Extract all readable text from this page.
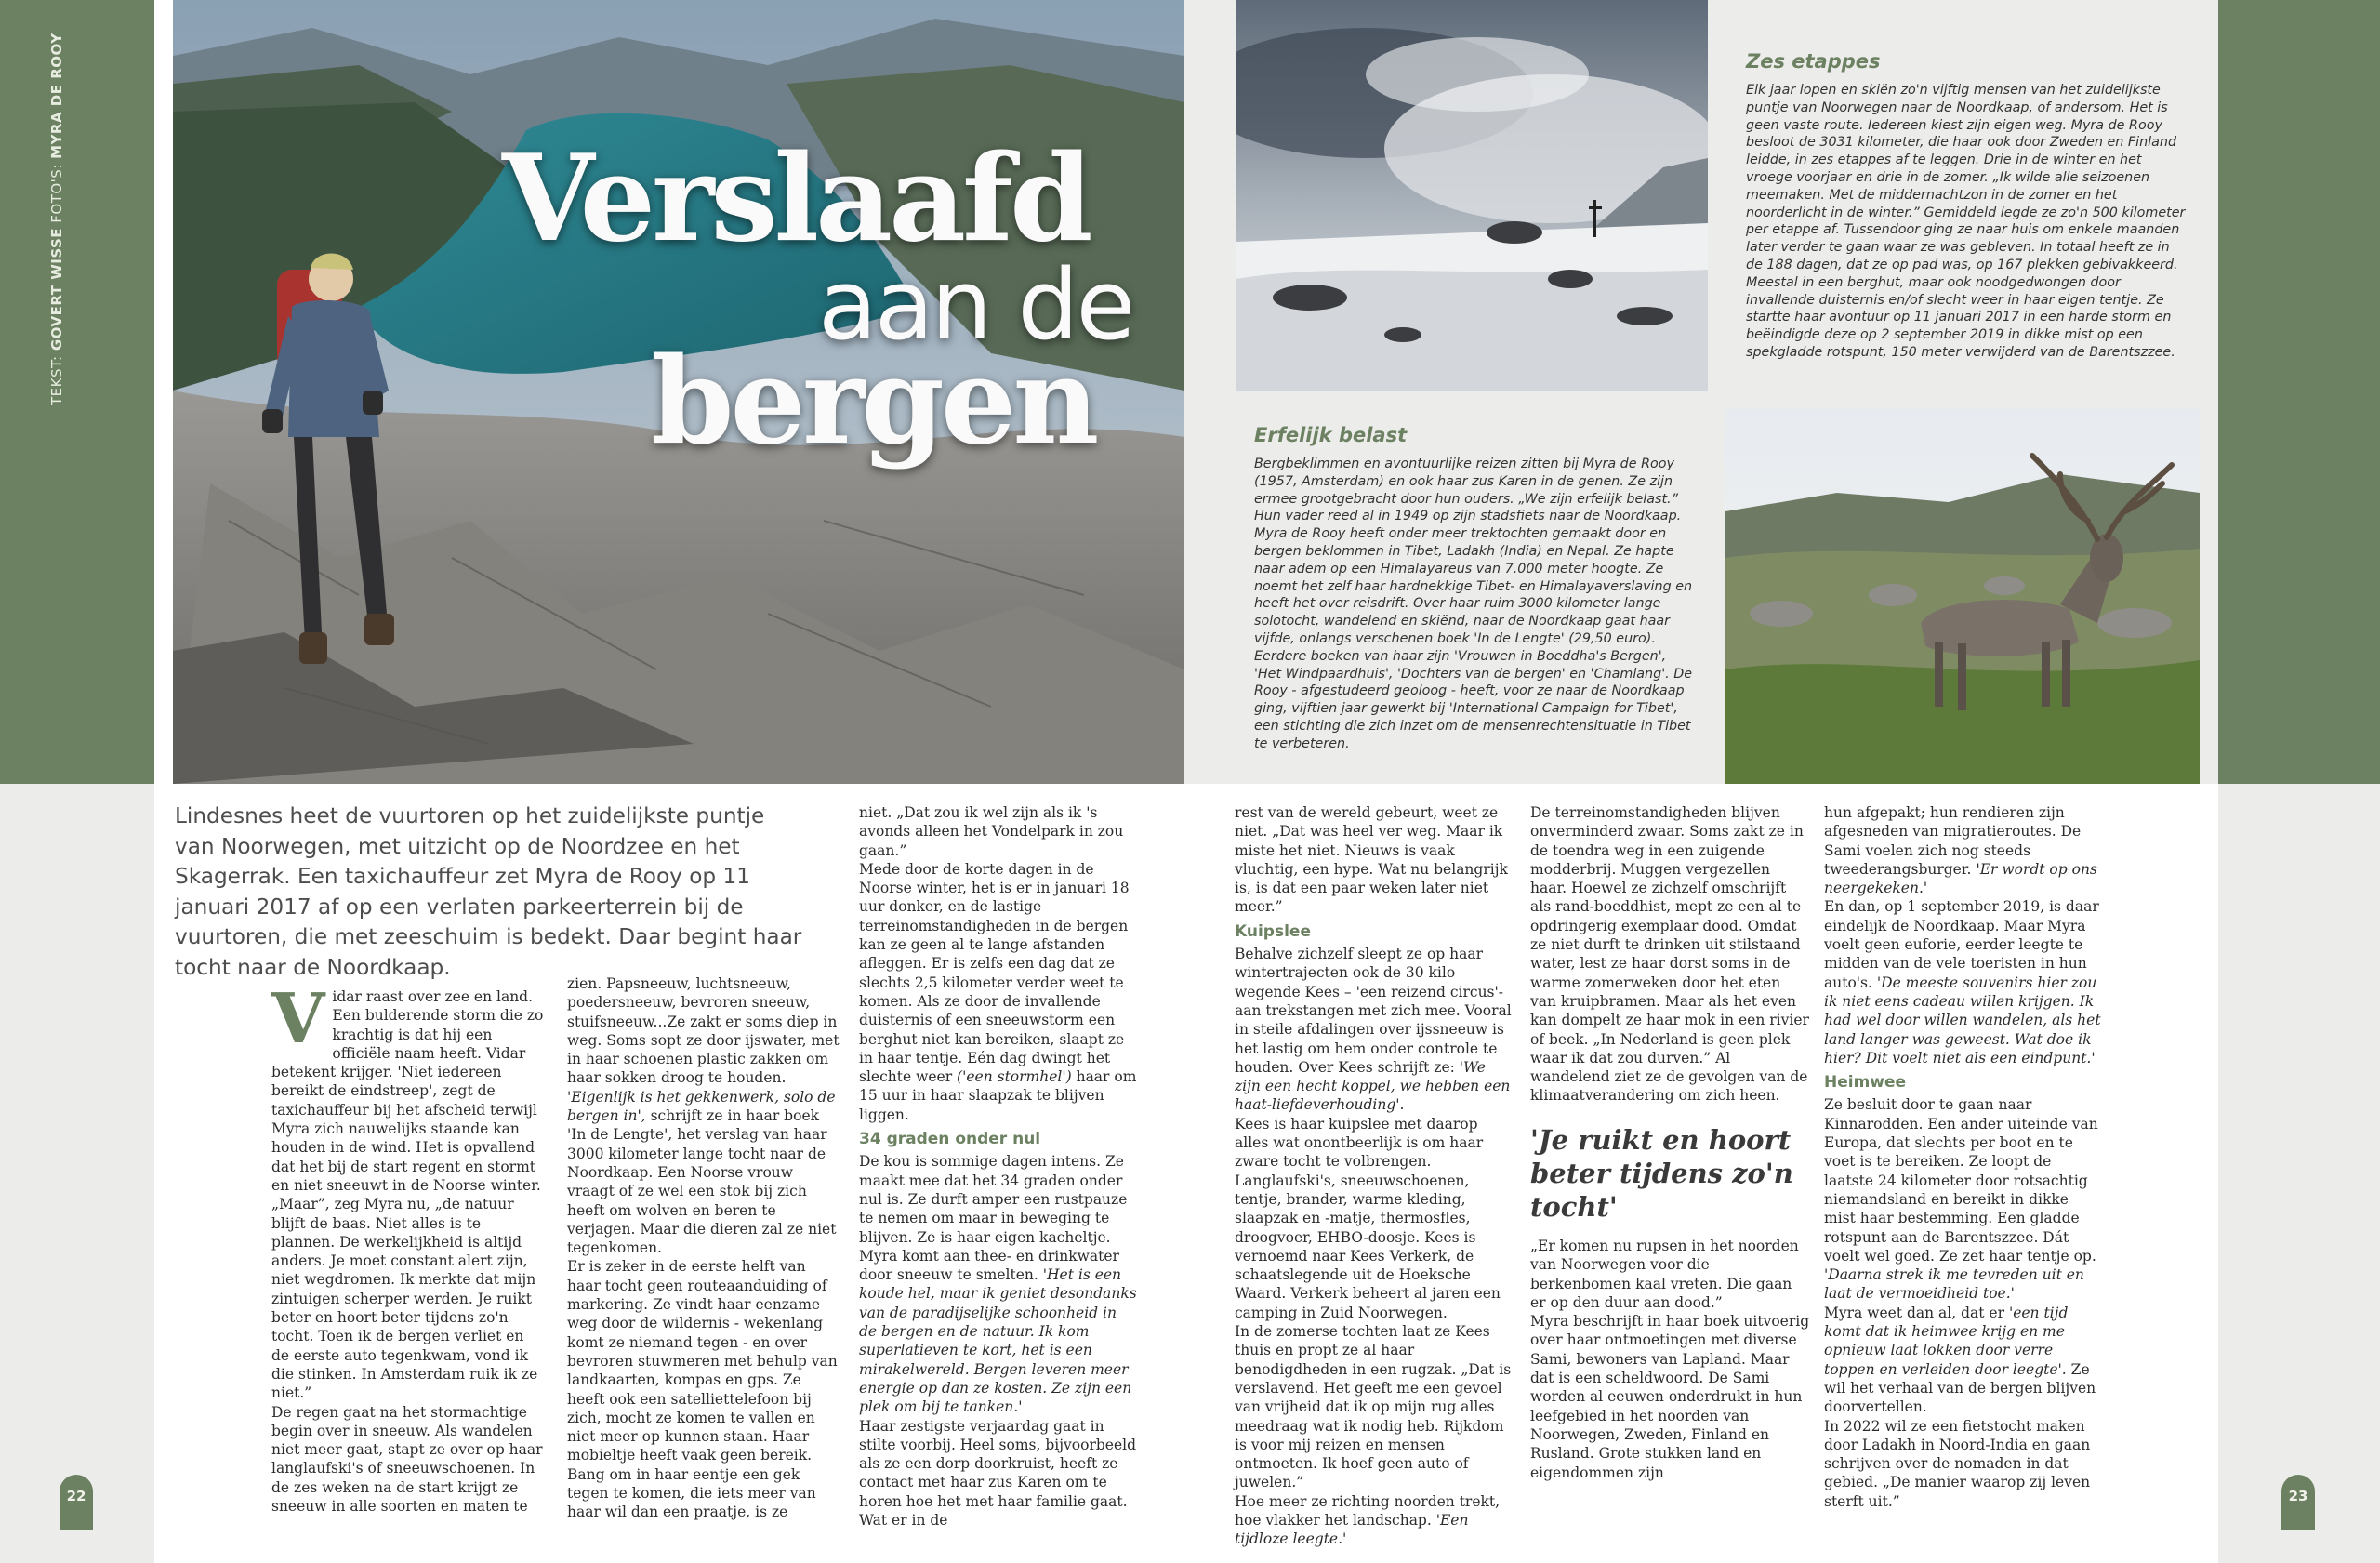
TEKST: GOVERT WISSE FOTO'S: MYRA DE ROOY
Verslaafd
aan de
bergen
Zes etappes
Elk jaar lopen en skiën zo'n vijftig mensen van het zuidelijkste puntje van Noorwegen naar de Noordkaap, of andersom. Het is geen vaste route. Iedereen kiest zijn eigen weg. Myra de Rooy besloot de 3031 kilometer, die haar ook door Zweden en Finland leidde, in zes etappes af te leggen. Drie in de winter en het vroege voorjaar en drie in de zomer. „Ik wilde alle seizoenen meemaken. Met de middernachtzon in de zomer en het noorderlicht in de winter.” Gemiddeld legde ze zo'n 500 kilometer per etappe af. Tussendoor ging ze naar huis om enkele maanden later verder te gaan waar ze was gebleven. In totaal heeft ze in de 188 dagen, dat ze op pad was, op 167 plekken gebivakkeerd. Meestal in een berghut, maar ook noodgedwongen door invallende duisternis en/of slecht weer in haar eigen tentje. Ze startte haar avontuur op 11 januari 2017 in een harde storm en beëindigde deze op 2 september 2019 in dikke mist op een spekgladde rotspunt, 150 meter verwijderd van de Barentszzee.
Erfelijk belast
Bergbeklimmen en avontuurlijke reizen zitten bij Myra de Rooy (1957, Amsterdam) en ook haar zus Karen in de genen. Ze zijn ermee grootgebracht door hun ouders. „We zijn erfelijk belast.” Hun vader reed al in 1949 op zijn stadsfiets naar de Noordkaap. Myra de Rooy heeft onder meer trektochten gemaakt door en bergen beklommen in Tibet, Ladakh (India) en Nepal. Ze hapte naar adem op een Himalayareus van 7.000 meter hoogte. Ze noemt het zelf haar hardnekkige Tibet- en Himalayaverslaving en heeft het over reisdrift. Over haar ruim 3000 kilometer lange solotocht, wandelend en skiënd, naar de Noordkaap gaat haar vijfde, onlangs verschenen boek 'In de Lengte' (29,50 euro). Eerdere boeken van haar zijn 'Vrouwen in Boeddha's Bergen', 'Het Windpaardhuis', 'Dochters van de bergen' en 'Chamlang'. De Rooy - afgestudeerd geoloog - heeft, voor ze naar de Noordkaap ging, vijftien jaar gewerkt bij 'International Campaign for Tibet', een stichting die zich inzet om de mensenrechtensituatie in Tibet te verbeteren.
Lindesnes heet de vuurtoren op het zuidelijkste puntje van Noorwegen, met uitzicht op de Noordzee en het Skagerrak. Een taxichauffeur zet Myra de Rooy op 11 januari 2017 af op een verlaten parkeerterrein bij de vuurtoren, die met zeeschuim is bedekt. Daar begint haar tocht naar de Noordkaap.

Vidar raast over zee en land. Een bulderende storm die zo krachtig is dat hij een officiële naam heeft. Vidar betekent krijger. 'Niet iedereen bereikt de eindstreep', zegt de taxichauffeur bij het afscheid terwijl Myra zich nauwelijks staande kan houden in de wind. Het is opvallend dat het bij de start regent en stormt en niet sneeuwt in de Noorse winter. „Maar”, zeg Myra nu, „de natuur blijft de baas. Niet alles is te plannen. De werkelijkheid is altijd anders. Je moet constant alert zijn, niet wegdromen. Ik merkte dat mijn zintuigen scherper werden. Je ruikt beter en hoort beter tijdens zo'n tocht. Toen ik de bergen verliet en de eerste auto tegenkwam, vond ik die stinken. In Amsterdam ruik ik ze niet.”

De regen gaat na het stormachtige begin over in sneeuw. Als wandelen niet meer gaat, stapt ze over op haar langlaufski's of sneeuwschoenen. In de zes weken na de start krijgt ze sneeuw in alle soorten en maten te

zien. Papsneeuw, luchtsneeuw, poedersneeuw, bevroren sneeuw, stuifsneeuw...Ze zakt er soms diep in weg. Soms sopt ze door ijswater, met in haar schoenen plastic zakken om haar sokken droog te houden. 'Eigenlijk is het gekkenwerk, solo de bergen in', schrijft ze in haar boek 'In de Lengte', het verslag van haar 3000 kilometer lange tocht naar de Noordkaap. Een Noorse vrouw vraagt of ze wel een stok bij zich heeft om wolven en beren te verjagen. Maar die dieren zal ze niet tegenkomen.

Er is zeker in de eerste helft van haar tocht geen routeaanduiding of markering. Ze vindt haar eenzame weg door de wildernis - wekenlang komt ze niemand tegen - en over bevroren stuwmeren met behulp van landkaarten, kompas en gps. Ze heeft ook een satelliettelefoon bij zich, mocht ze komen te vallen en niet meer op kunnen staan. Haar mobieltje heeft vaak geen bereik. Bang om in haar eentje een gek tegen te komen, die iets meer van haar wil dan een praatje, is ze

niet. „Dat zou ik wel zijn als ik 's avonds alleen het Vondelpark in zou gaan.”

Mede door de korte dagen in de Noorse winter, het is er in januari 18 uur donker, en de lastige terreinomstandigheden in de bergen kan ze geen al te lange afstanden afleggen. Er is zelfs een dag dat ze slechts 2,5 kilometer verder weet te komen. Als ze door de invallende duisternis of een sneeuwstorm een berghut niet kan bereiken, slaapt ze in haar tentje. Eén dag dwingt het slechte weer ('een stormhel') haar om 15 uur in haar slaapzak te blijven liggen.

34 graden onder nul

De kou is sommige dagen intens. Ze maakt mee dat het 34 graden onder nul is. Ze durft amper een rustpauze te nemen om maar in beweging te blijven. Ze is haar eigen kacheltje. Myra komt aan thee- en drinkwater door sneeuw te smelten. 'Het is een koude hel, maar ik geniet desondanks van de paradijselijke schoonheid in de bergen en de natuur. Ik kom superlatieven te kort, het is een mirakelwereld. Bergen leveren meer energie op dan ze kosten. Ze zijn een plek om bij te tanken.'

Haar zestigste verjaardag gaat in stilte voorbij. Heel soms, bijvoorbeeld als ze een dorp doorkruist, heeft ze contact met haar zus Karen om te horen hoe het met haar familie gaat. Wat er in de

rest van de wereld gebeurt, weet ze niet. „Dat was heel ver weg. Maar ik miste het niet. Nieuws is vaak vluchtig, een hype. Wat nu belangrijk is, is dat een paar weken later niet meer.”

Kuipslee

Behalve zichzelf sleept ze op haar wintertrajecten ook de 30 kilo wegende Kees – 'een reizend circus'- aan trekstangen met zich mee. Vooral in steile afdalingen over ijssneeuw is het lastig om hem onder controle te houden. Over Kees schrijft ze: 'We zijn een hecht koppel, we hebben een haat-liefdeverhouding'.

Kees is haar kuipslee met daarop alles wat onontbeerlijk is om haar zware tocht te volbrengen. Langlaufski's, sneeuwschoenen, tentje, brander, warme kleding, slaapzak en -matje, thermosfles, droogvoer, EHBO-doosje. Kees is vernoemd naar Kees Verkerk, de schaatslegende uit de Hoeksche Waard. Verkerk beheert al jaren een camping in Zuid Noorwegen.

In de zomerse tochten laat ze Kees thuis en propt ze al haar benodigdheden in een rugzak. „Dat is verslavend. Het geeft me een gevoel van vrijheid dat ik op mijn rug alles meedraag wat ik nodig heb. Rijkdom is voor mij reizen en mensen ontmoeten. Ik hoef geen auto of juwelen.”

Hoe meer ze richting noorden trekt, hoe vlakker het landschap. 'Een tijdloze leegte.'

De terreinomstandigheden blijven onverminderd zwaar. Soms zakt ze in de toendra weg in een zuigende modderbrij. Muggen vergezellen haar. Hoewel ze zichzelf omschrijft als rand-boeddhist, mept ze een al te opdringerig exemplaar dood. Omdat ze niet durft te drinken uit stilstaand water, lest ze haar dorst soms in de warme zomerweken door het eten van kruipbramen. Maar als het even kan dompelt ze haar mok in een rivier of beek. „In Nederland is geen plek waar ik dat zou durven.” Al wandelend ziet ze de gevolgen van de klimaatverandering om zich heen.

„Er komen nu rupsen in het noorden van Noorwegen voor die berkenbomen kaal vreten. Die gaan er op den duur aan dood.”

Myra beschrijft in haar boek uitvoerig over haar ontmoetingen met diverse Sami, bewoners van Lapland. Maar dat is een scheldwoord. De Sami worden al eeuwen onderdrukt in hun leefgebied in het noorden van Noorwegen, Zweden, Finland en Rusland. Grote stukken land en eigendommen zijn

'Je ruikt en hoort beter tijdens zo'n tocht'

hun afgepakt; hun rendieren zijn afgesneden van migratieroutes. De Sami voelen zich nog steeds tweederangsburger. 'Er wordt op ons neergekeken.'

En dan, op 1 september 2019, is daar eindelijk de Noordkaap. Maar Myra voelt geen euforie, eerder leegte te midden van de vele toeristen in hun auto's. 'De meeste souvenirs hier zou ik niet eens cadeau willen krijgen. Ik had wel door willen wandelen, als het land langer was geweest. Wat doe ik hier? Dit voelt niet als een eindpunt.'

Heimwee

Ze besluit door te gaan naar Kinnarodden. Een ander uiteinde van Europa, dat slechts per boot en te voet is te bereiken. Ze loopt de laatste 24 kilometer door rotsachtig niemandsland en bereikt in dikke mist haar bestemming. Een gladde rotspunt aan de Barentszzee. Dát voelt wel goed. Ze zet haar tentje op. 'Daarna strek ik me tevreden uit en laat de vermoeidheid toe.'

Myra weet dan al, dat er 'een tijd komt dat ik heimwee krijg en me opnieuw laat lokken door verre toppen en verleiden door leegte'. Ze wil het verhaal van de bergen blijven doorvertellen.

In 2022 wil ze een fietstocht maken door Ladakh in Noord-India en gaan schrijven over de nomaden in dat gebied. „De manier waarop zij leven sterft uit.”

22	23
